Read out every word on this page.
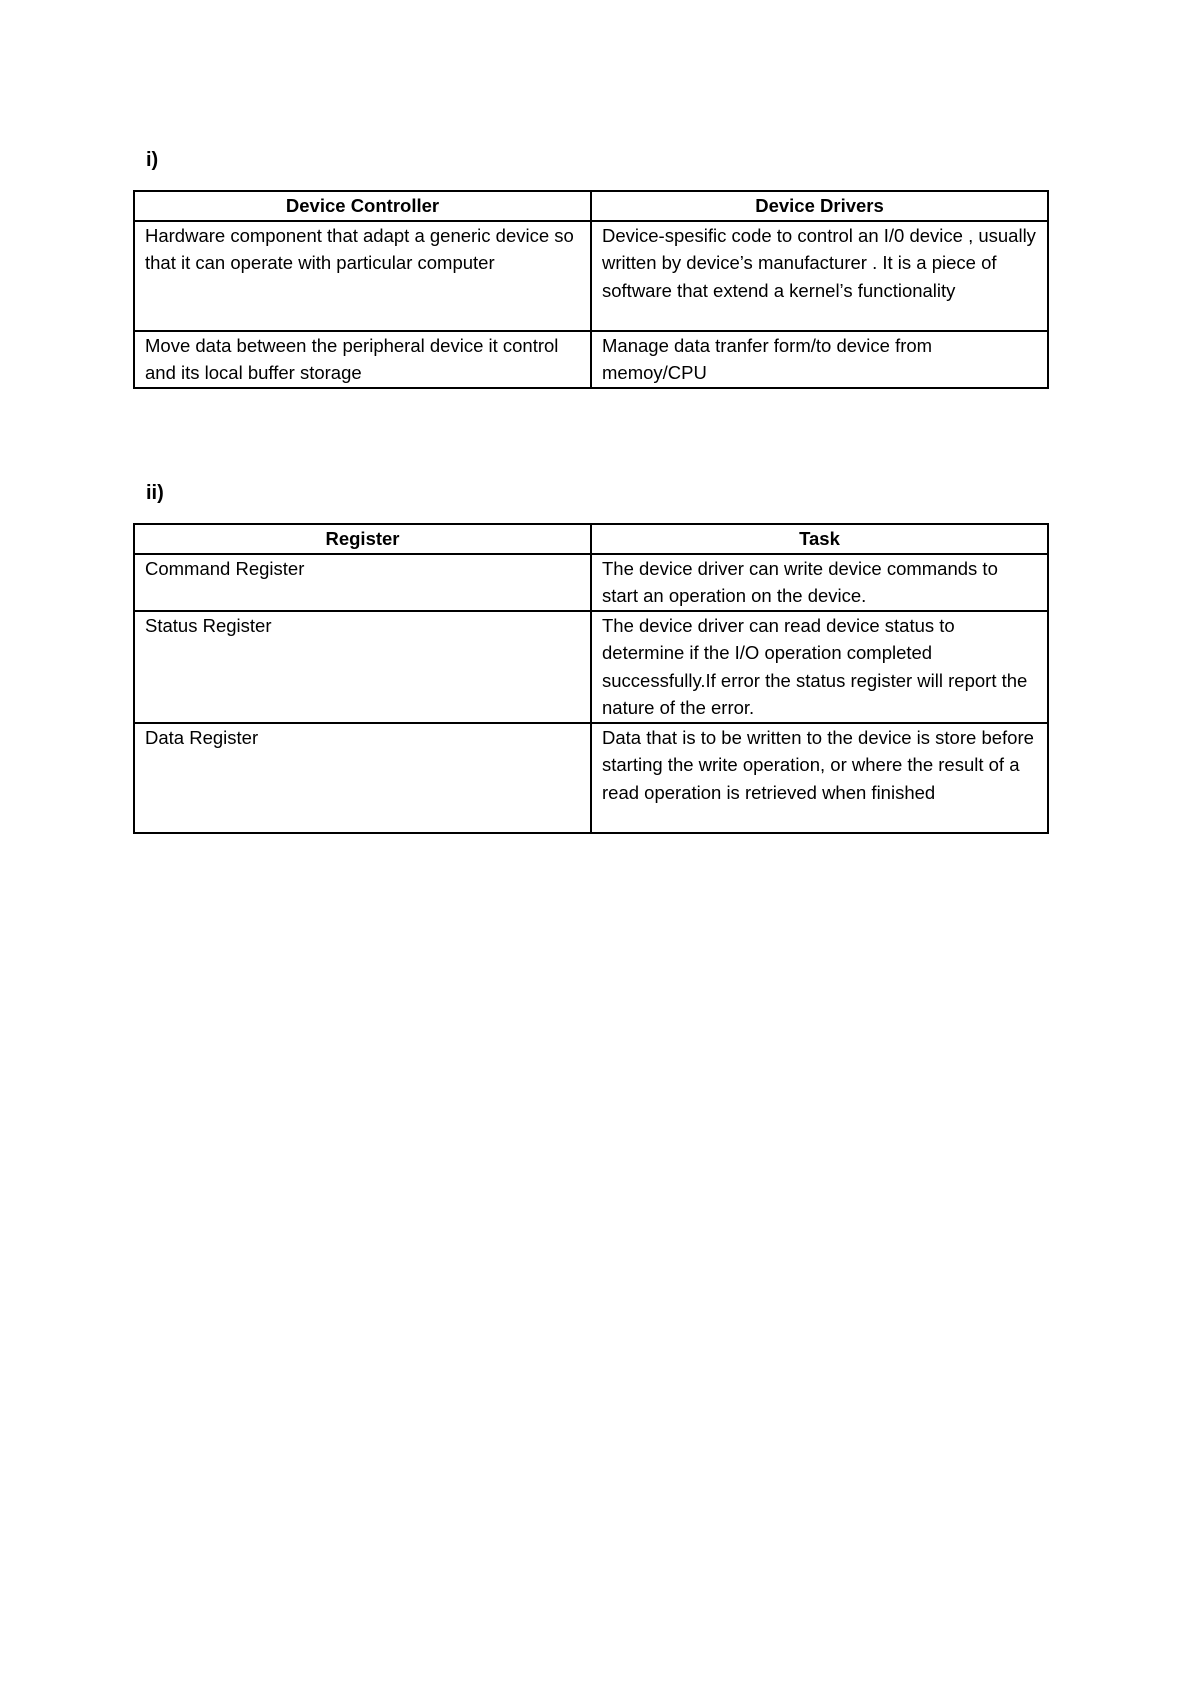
i)
Device Controller	Device Drivers
Hardware component that adapt a generic device so that it can operate with particular computer	Device-spesific code to control an I/0 device , usually written by device’s manufacturer . It is a piece of software that extend a kernel’s functionality
Move data between the peripheral device it control and its local buffer storage	Manage data tranfer form/to device from memoy/CPU
ii)
Register	Task
Command Register	The device driver can write device commands to start an operation on the device.
Status Register	The device driver can read device status to determine if the I/O operation completed successfully.If error the status register will report the nature of the error.
Data Register	Data that is to be written to the device is store before starting the write operation, or where the result of a read operation is retrieved when finished
